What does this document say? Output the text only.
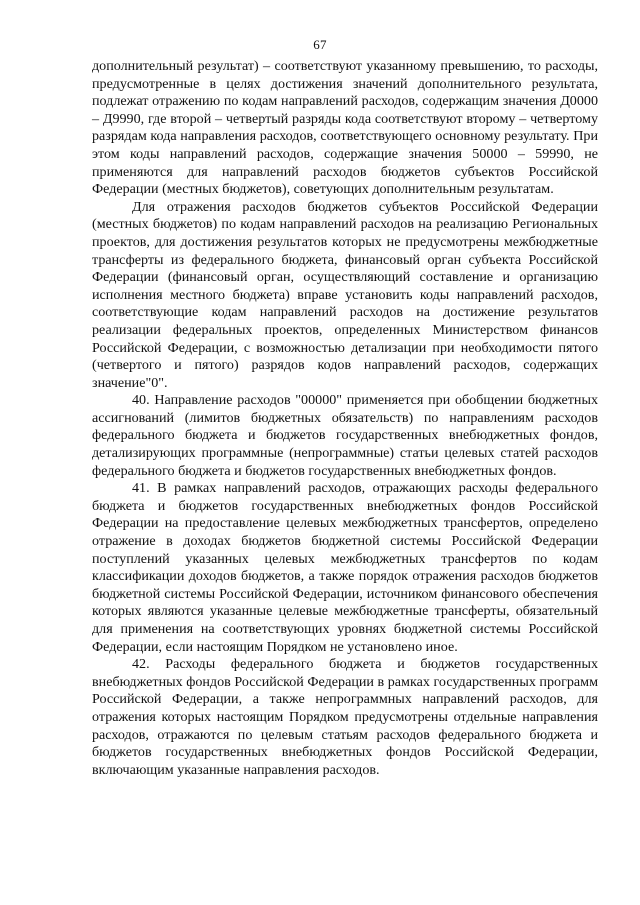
67

дополнительный результат) – соответствуют указанному превышению, то расходы, предусмотренные в целях достижения значений дополнительного результата, подлежат отражению по кодам направлений расходов, содержащим значения Д0000 – Д9990, где второй – четвертый разряды кода соответствуют второму – четвертому разрядам кода направления расходов, соответствующего основному результату. При этом коды направлений расходов, содержащие значения 50000 – 59990, не применяются для направлений расходов бюджетов субъектов Российской Федерации (местных бюджетов), советующих дополнительным результатам.

Для отражения расходов бюджетов субъектов Российской Федерации (местных бюджетов) по кодам направлений расходов на реализацию Региональных проектов, для достижения результатов которых не предусмотрены межбюджетные трансферты из федерального бюджета, финансовый орган субъекта Российской Федерации (финансовый орган, осуществляющий составление и организацию исполнения местного бюджета) вправе установить коды направлений расходов, соответствующие кодам направлений расходов на достижение результатов реализации федеральных проектов, определенных Министерством финансов Российской Федерации, с возможностью детализации при необходимости пятого (четвертого и пятого) разрядов кодов направлений расходов, содержащих значение"0".

40. Направление расходов "00000" применяется при обобщении бюджетных ассигнований (лимитов бюджетных обязательств) по направлениям расходов федерального бюджета и бюджетов государственных внебюджетных фондов, детализирующих программные (непрограммные) статьи целевых статей расходов федерального бюджета и бюджетов государственных внебюджетных фондов.

41. В рамках направлений расходов, отражающих расходы федерального бюджета и бюджетов государственных внебюджетных фондов Российской Федерации на предоставление целевых межбюджетных трансфертов, определено отражение в доходах бюджетов бюджетной системы Российской Федерации поступлений указанных целевых межбюджетных трансфертов по кодам классификации доходов бюджетов, а также порядок отражения расходов бюджетов бюджетной системы Российской Федерации, источником финансового обеспечения которых являются указанные целевые межбюджетные трансферты, обязательный для применения на соответствующих уровнях бюджетной системы Российской Федерации, если настоящим Порядком не установлено иное.

42. Расходы федерального бюджета и бюджетов государственных внебюджетных фондов Российской Федерации в рамках государственных программ Российской Федерации, а также непрограммных направлений расходов, для отражения которых настоящим Порядком предусмотрены отдельные направления расходов, отражаются по целевым статьям расходов федерального бюджета и бюджетов государственных внебюджетных фондов Российской Федерации, включающим указанные направления расходов.
